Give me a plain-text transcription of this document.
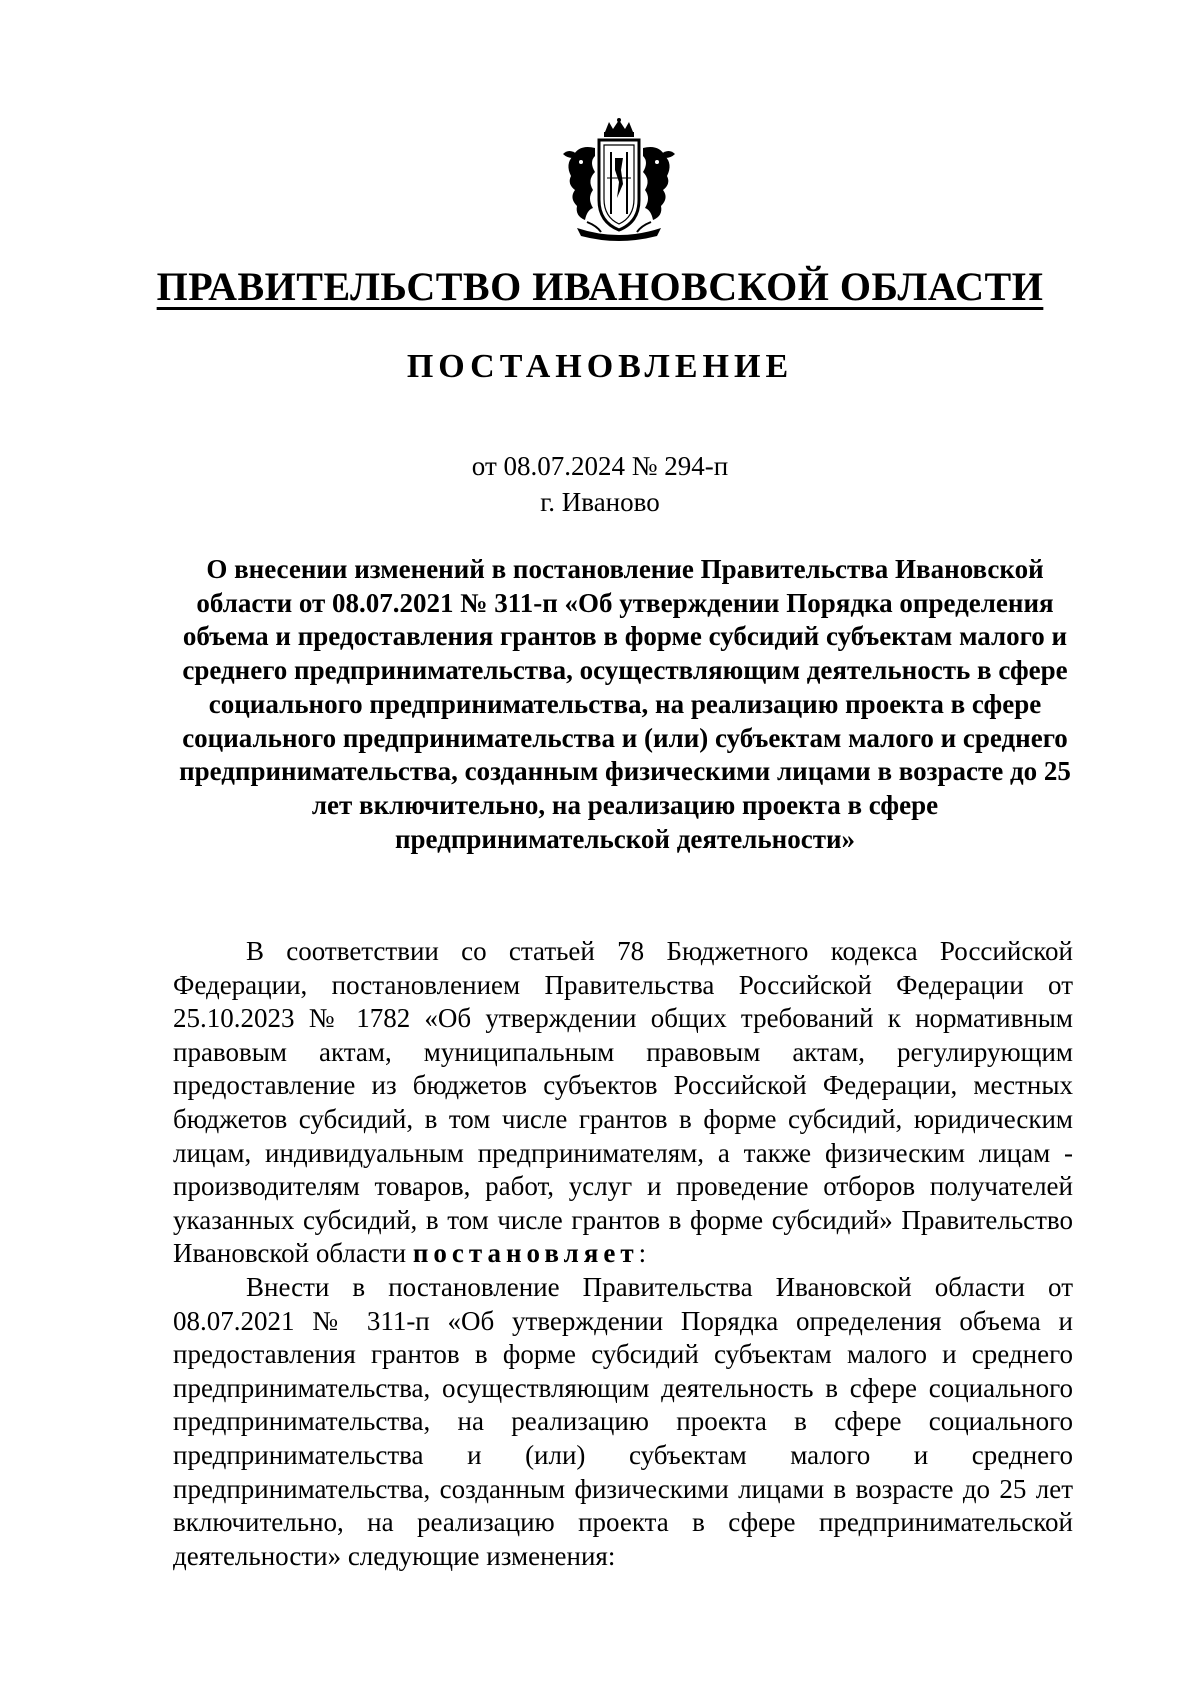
ПРАВИТЕЛЬСТВО ИВАНОВСКОЙ ОБЛАСТИ
ПОСТАНОВЛЕНИЕ
от 08.07.2024 № 294-п
г. Иваново
О внесении изменений в постановление Правительства Ивановской области от 08.07.2021 № 311-п «Об утверждении Порядка определения объема и предоставления грантов в форме субсидий субъектам малого и среднего предпринимательства, осуществляющим деятельность в сфере социального предпринимательства, на реализацию проекта в сфере социального предпринимательства и (или) субъектам малого и среднего предпринимательства, созданным физическими лицами в возрасте до 25 лет включительно, на реализацию проекта в сфере предпринимательской деятельности»

В соответствии со статьей 78 Бюджетного кодекса Российской Федерации, постановлением Правительства Российской Федерации от 25.10.2023 № 1782 «Об утверждении общих требований к нормативным правовым актам, муниципальным правовым актам, регулирующим предоставление из бюджетов субъектов Российской Федерации, местных бюджетов субсидий, в том числе грантов в форме субсидий, юридическим лицам, индивидуальным предпринимателям, а также физическим лицам - производителям товаров, работ, услуг и проведение отборов получателей указанных субсидий, в том числе грантов в форме субсидий» Правительство Ивановской области постановляет:

Внести в постановление Правительства Ивановской области от 08.07.2021 № 311-п «Об утверждении Порядка определения объема и предоставления грантов в форме субсидий субъектам малого и среднего предпринимательства, осуществляющим деятельность в сфере социального предпринимательства, на реализацию проекта в сфере социального предпринимательства и (или) субъектам малого и среднего предпринимательства, созданным физическими лицами в возрасте до 25 лет включительно, на реализацию проекта в сфере предпринимательской деятельности» следующие изменения:
